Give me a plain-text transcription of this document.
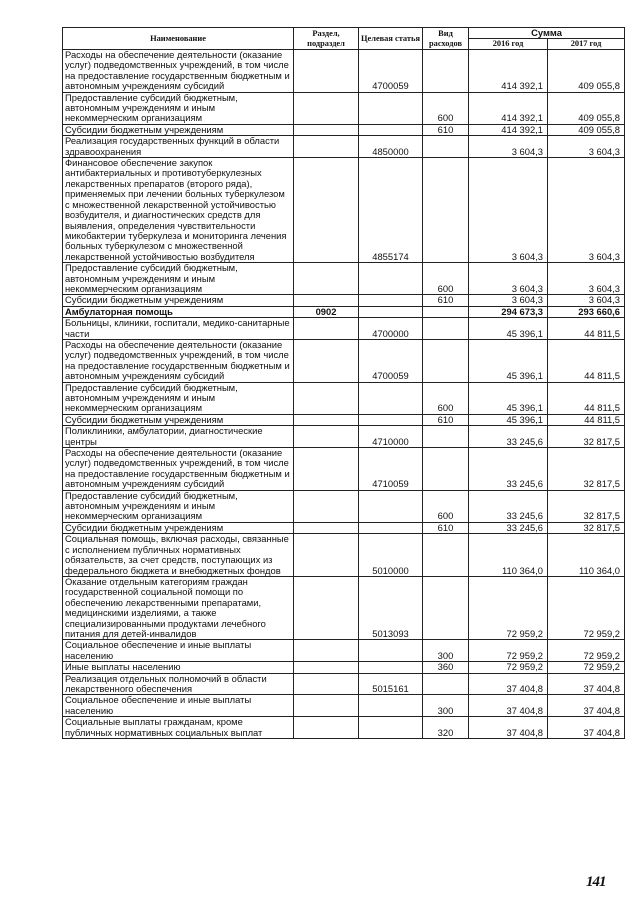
Наименование	Раздел, подраздел	Целевая статья	Вид расходов	Сумма	
				2016 год	2017 год
Расходы на обеспечение деятельности (оказание услуг) подведомственных учреждений, в том числе на предоставление государственным бюджетным и автономным учреждениям субсидий		4700059		414 392,1	409 055,8
Предоставление субсидий бюджетным, автономным учреждениям и иным некоммерческим организациям			600	414 392,1	409 055,8
Субсидии бюджетным учреждениям			610	414 392,1	409 055,8
Реализация государственных функций в области здравоохранения		4850000		3 604,3	3 604,3
Финансовое обеспечение закупок антибактериальных и противотуберкулезных лекарственных препаратов (второго ряда), применяемых при лечении больных туберкулезом с множественной лекарственной устойчивостью возбудителя, и диагностических средств для выявления, определения чувствительности микобактерии туберкулеза и мониторинга лечения больных туберкулезом с множественной лекарственной устойчивостью возбудителя		4855174		3 604,3	3 604,3
Предоставление субсидий бюджетным, автономным учреждениям и иным некоммерческим организациям			600	3 604,3	3 604,3
Субсидии бюджетным учреждениям			610	3 604,3	3 604,3
Амбулаторная помощь	0902			294 673,3	293 660,6
Больницы, клиники, госпитали, медико-санитарные части		4700000		45 396,1	44 811,5
Расходы на обеспечение деятельности (оказание услуг) подведомственных учреждений, в том числе на предоставление государственным бюджетным и автономным учреждениям субсидий		4700059		45 396,1	44 811,5
Предоставление субсидий бюджетным, автономным учреждениям и иным некоммерческим организациям			600	45 396,1	44 811,5
Субсидии бюджетным учреждениям			610	45 396,1	44 811,5
Поликлиники, амбулатории, диагностические центры		4710000		33 245,6	32 817,5
Расходы на обеспечение деятельности (оказание услуг) подведомственных учреждений, в том числе на предоставление государственным бюджетным и автономным учреждениям субсидий		4710059		33 245,6	32 817,5
Предоставление субсидий бюджетным, автономным учреждениям и иным некоммерческим организациям			600	33 245,6	32 817,5
Субсидии бюджетным учреждениям			610	33 245,6	32 817,5
Социальная помощь, включая расходы, связанные с исполнением публичных нормативных обязательств, за счет средств, поступающих из федерального бюджета и внебюджетных фондов		5010000		110 364,0	110 364,0
Оказание отдельным категориям граждан государственной социальной помощи по обеспечению лекарственными препаратами, медицинскими изделиями, а также специализированными продуктами лечебного питания для детей-инвалидов		5013093		72 959,2	72 959,2
Социальное обеспечение и иные выплаты населению			300	72 959,2	72 959,2
Иные выплаты населению			360	72 959,2	72 959,2
Реализация отдельных полномочий в области лекарственного обеспечения		5015161		37 404,8	37 404,8
Социальное обеспечение и иные выплаты населению			300	37 404,8	37 404,8
Социальные выплаты гражданам, кроме публичных нормативных социальных выплат			320	37 404,8	37 404,8
141
